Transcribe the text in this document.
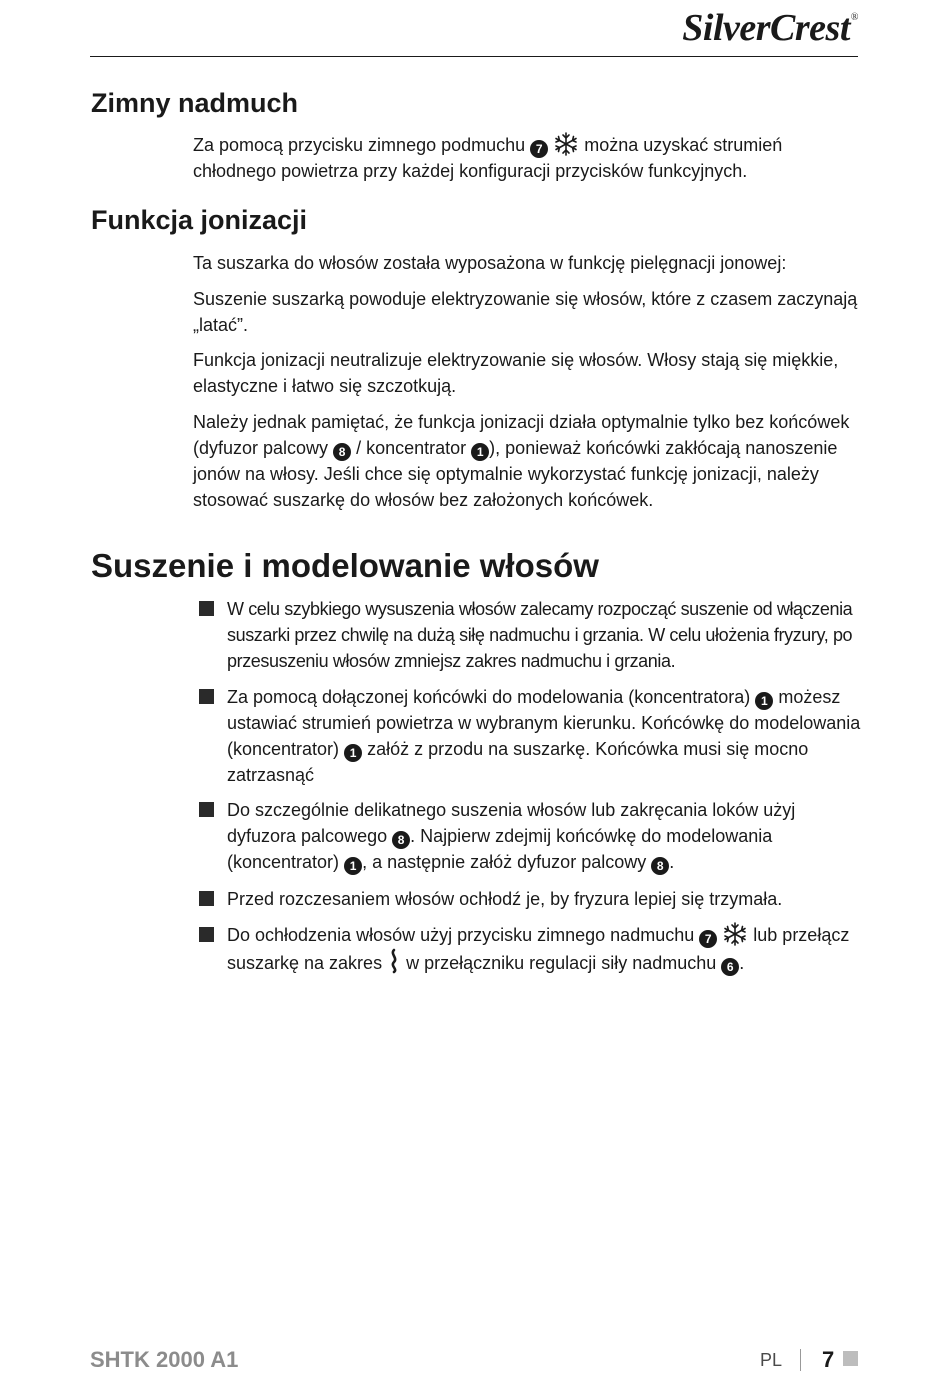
SilverCrest®
Zimny nadmuch

Za pomocą przycisku zimnego podmuchu 7 można uzyskać strumień chłodnego powietrza przy każdej konfiguracji przycisków funkcyjnych.

Funkcja jonizacji

Ta suszarka do włosów została wyposażona w funkcję pielęgnacji jonowej:

Suszenie suszarką powoduje elektryzowanie się włosów, które z czasem zaczynają „latać”.

Funkcja jonizacji neutralizuje elektryzowanie się włosów. Włosy stają się miękkie, elastyczne i łatwo się szczotkują.

Należy jednak pamiętać, że funkcja jonizacji działa optymalnie tylko bez końcówek (dyfuzor palcowy 8 / koncentrator 1 ), ponieważ końcówki zakłócają nanoszenie jonów na włosy. Jeśli chce się optymalnie wykorzystać funkcję jonizacji, należy stosować suszarkę do włosów bez założonych końcówek.

Suszenie i modelowanie włosów

W celu szybkiego wysuszenia włosów zalecamy rozpocząć suszenie od włączenia suszarki przez chwilę na dużą siłę nadmuchu i grzania. W celu ułożenia fryzury, po przesuszeniu włosów zmniejsz zakres nadmuchu i grzania.

Za pomocą dołączonej końcówki do modelowania (koncentratora) 1 możesz ustawiać strumień powietrza w wybranym kierunku. Końcówkę do modelowania (koncentrator) 1 załóż z przodu na suszarkę. Końcówka musi się mocno zatrzasnąć

Do szczególnie delikatnego suszenia włosów lub zakręcania loków użyj dyfuzora palcowego 8 . Najpierw zdejmij końcówkę do modelowania (koncentrator) 1 , a następnie załóż dyfuzor palcowy 8 .

Przed rozczesaniem włosów ochłodź je, by fryzura lepiej się trzymała.

Do ochłodzenia włosów użyj przycisku zimnego nadmuchu 7 lub przełącz suszarkę na zakres w przełączniku regulacji siły nadmuchu 6 .

SHTK 2000 A1	PL 7
